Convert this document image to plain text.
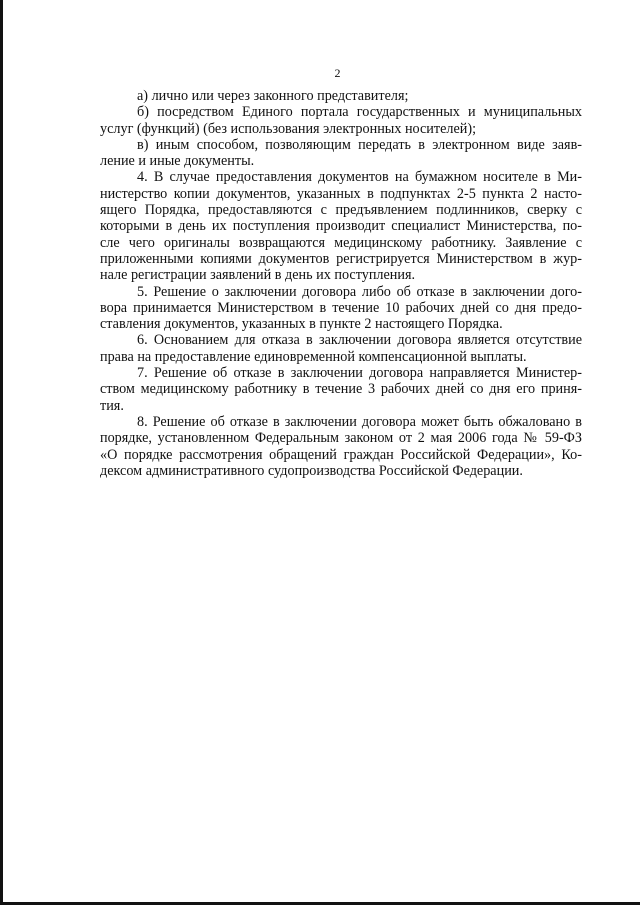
2
а) лично или через законного представителя;
б) посредством Единого портала государственных и муниципальных
услуг (функций) (без использования электронных носителей);
в) иным способом, позволяющим передать в электронном виде заяв-
ление и иные документы.
4. В случае предоставления документов на бумажном носителе в Ми-
нистерство копии документов, указанных в подпунктах 2-5 пункта 2 насто-
ящего Порядка, предоставляются с предъявлением подлинников, сверку с
которыми в день их поступления производит специалист Министерства, по-
сле чего оригиналы возвращаются медицинскому работнику. Заявление с
приложенными копиями документов регистрируется Министерством в жур-
нале регистрации заявлений в день их поступления.
5. Решение о заключении договора либо об отказе в заключении дого-
вора принимается Министерством в течение 10 рабочих дней со дня предо-
ставления документов, указанных в пункте 2 настоящего Порядка.
6. Основанием для отказа в заключении договора является отсутствие
права на предоставление единовременной компенсационной выплаты.
7. Решение об отказе в заключении договора направляется Министер-
ством медицинскому работнику в течение 3 рабочих дней со дня его приня-
тия.
8. Решение об отказе в заключении договора может быть обжаловано в
порядке, установленном Федеральным законом от 2 мая 2006 года № 59-ФЗ
«О порядке рассмотрения обращений граждан Российской Федерации», Ко-
дексом административного судопроизводства Российской Федерации.
